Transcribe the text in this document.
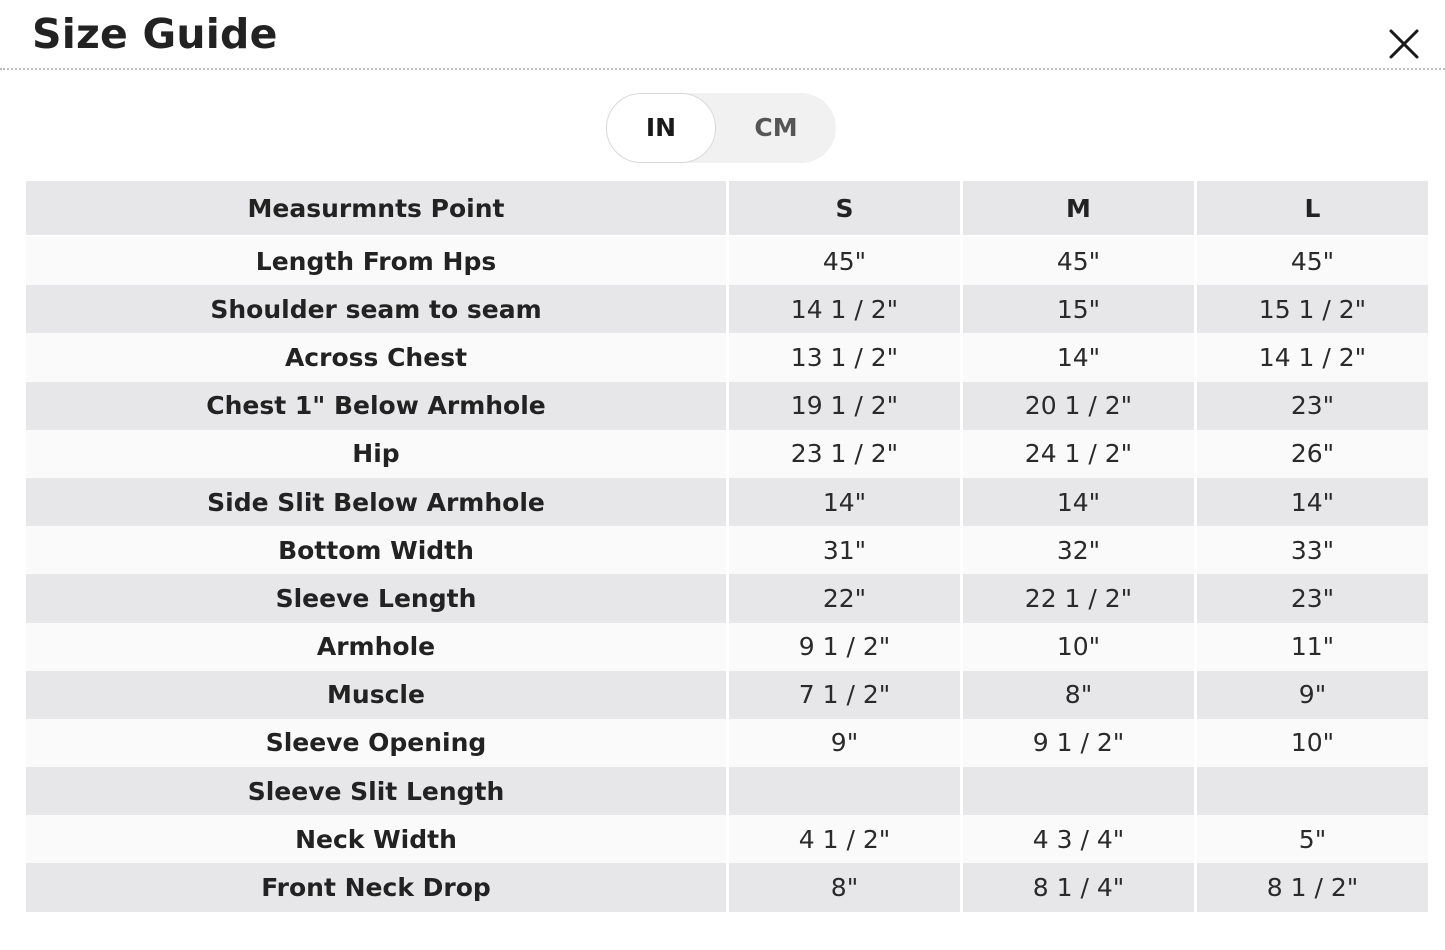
Size Guide
CM
IN
Measurmnts Point	S	M	L
Length From Hps	45"	45"	45"
Shoulder seam to seam	14 1 / 2"	15"	15 1 / 2"
Across Chest	13 1 / 2"	14"	14 1 / 2"
Chest 1" Below Armhole	19 1 / 2"	20 1 / 2"	23"
Hip	23 1 / 2"	24 1 / 2"	26"
Side Slit Below Armhole	14"	14"	14"
Bottom Width	31"	32"	33"
Sleeve Length	22"	22 1 / 2"	23"
Armhole	9 1 / 2"	10"	11"
Muscle	7 1 / 2"	8"	9"
Sleeve Opening	9"	9 1 / 2"	10"
Sleeve Slit Length			
Neck Width	4 1 / 2"	4 3 / 4"	5"
Front Neck Drop	8"	8 1 / 4"	8 1 / 2"
